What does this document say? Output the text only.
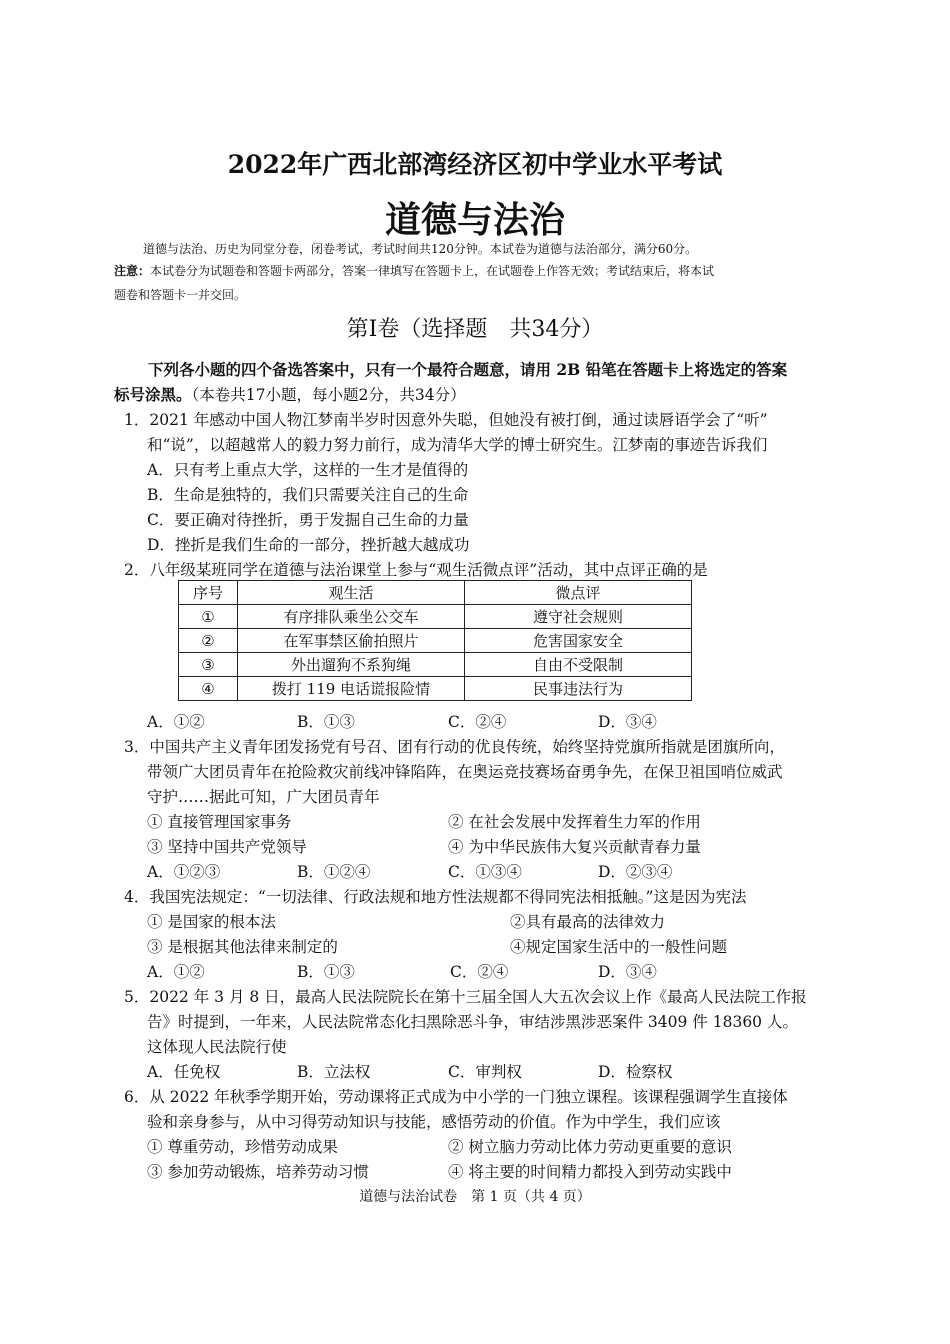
2022年广西北部湾经济区初中学业水平考试
道德与法治
道德与法治、历史为同堂分卷，闭卷考试，考试时间共120分钟。本试卷为道德与法治部分，满分60分。
注意：本试卷分为试题卷和答题卡两部分，答案一律填写在答题卡上，在试题卷上作答无效；考试结束后，将本试
题卷和答题卡一并交回。
第Ⅰ卷（选择题　共34分）
下列各小题的四个备选答案中，只有一个最符合题意，请用 2B 铅笔在答题卡上将选定的答案
标号涂黑。（本卷共17小题，每小题2分，共34分）
1．2021 年感动中国人物江梦南半岁时因意外失聪，但她没有被打倒，通过读唇语学会了“听”
和“说”，以超越常人的毅力努力前行，成为清华大学的博士研究生。江梦南的事迹告诉我们
A．只有考上重点大学，这样的一生才是值得的
B．生命是独特的，我们只需要关注自己的生命
C．要正确对待挫折，勇于发掘自己生命的力量
D．挫折是我们生命的一部分，挫折越大越成功
2．八年级某班同学在道德与法治课堂上参与“观生活微点评”活动，其中点评正确的是
序号	观生活	微点评
①	有序排队乘坐公交车	遵守社会规则
②	在军事禁区偷拍照片	危害国家安全
③	外出遛狗不系狗绳	自由不受限制
④	拨打 119 电话谎报险情	民事违法行为
A．①②	B．①③	C．②④	D．③④
3．中国共产主义青年团发扬党有号召、团有行动的优良传统，始终坚持党旗所指就是团旗所向，
带领广大团员青年在抢险救灾前线冲锋陷阵，在奥运竞技赛场奋勇争先，在保卫祖国哨位威武
守护……据此可知，广大团员青年
① 直接管理国家事务	② 在社会发展中发挥着生力军的作用
③ 坚持中国共产党领导	④ 为中华民族伟大复兴贡献青春力量
A．①②③	B．①②④	C．①③④	D．②③④
4．我国宪法规定：“一切法律、行政法规和地方性法规都不得同宪法相抵触。”这是因为宪法
① 是国家的根本法	②具有最高的法律效力
③ 是根据其他法律来制定的	④规定国家生活中的一般性问题
A．①②	B．①③	C．②④	D．③④
5．2022 年 3 月 8 日，最高人民法院院长在第十三届全国人大五次会议上作《最高人民法院工作报
告》时提到，一年来，人民法院常态化扫黑除恶斗争，审结涉黑涉恶案件 3409 件 18360 人。
这体现人民法院行使
A．任免权	B．立法权	C．审判权	D．检察权
6．从 2022 年秋季学期开始，劳动课将正式成为中小学的一门独立课程。该课程强调学生直接体
验和亲身参与，从中习得劳动知识与技能，感悟劳动的价值。作为中学生，我们应该
① 尊重劳动，珍惜劳动成果	② 树立脑力劳动比体力劳动更重要的意识
③ 参加劳动锻炼，培养劳动习惯	④ 将主要的时间精力都投入到劳动实践中
道德与法治试卷　第 1 页（共 4 页）
